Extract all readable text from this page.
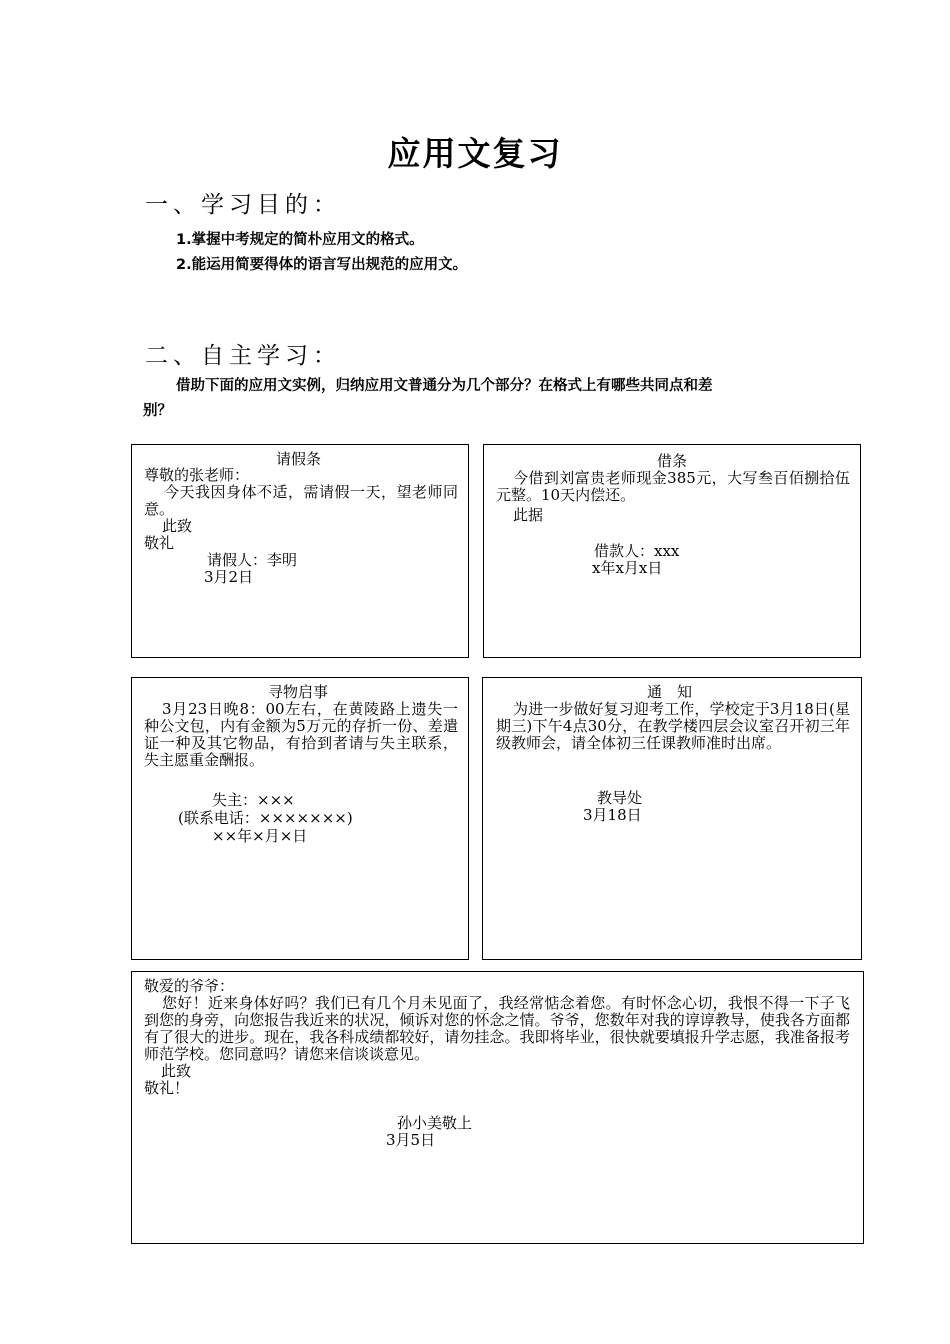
应用文复习
一、学习目的：
1.掌握中考规定的简朴应用文的格式。
2.能运用简要得体的语言写出规范的应用文。
二、自主学习：
借助下面的应用文实例，归纳应用文普通分为几个部分？在格式上有哪些共同点和差
别？
请假条
尊敬的张老师：
今天我因身体不适，需请假一天，望老师同意。
此致
敬礼
请假人：李明
3月2日
借条
今借到刘富贵老师现金385元，大写叁百佰捌拾伍元整。10天内偿还。
此据
借款人：xxx
x年x月x日
寻物启事
3月23日晚8：00左右，在黄陵路上遗失一种公文包，内有金额为5万元的存折一份、差遣证一种及其它物品，有拾到者请与失主联系，失主愿重金酬报。
失主：×××
(联系电话：×××××××)
××年×月×日
通　知
为进一步做好复习迎考工作，学校定于3月18日(星期三)下午4点30分，在教学楼四层会议室召开初三年级教师会，请全体初三任课教师准时出席。
教导处
3月18日
敬爱的爷爷：
您好！近来身体好吗？我们已有几个月未见面了，我经常惦念着您。有时怀念心切，我恨不得一下子飞到您的身旁，向您报告我近来的状况，倾诉对您的怀念之情。爷爷，您数年对我的谆谆教导，使我各方面都有了很大的进步。现在，我各科成绩都较好，请勿挂念。我即将毕业，很快就要填报升学志愿，我准备报考师范学校。您同意吗？请您来信谈谈意见。
此致
敬礼！
孙小美敬上
3月5日
